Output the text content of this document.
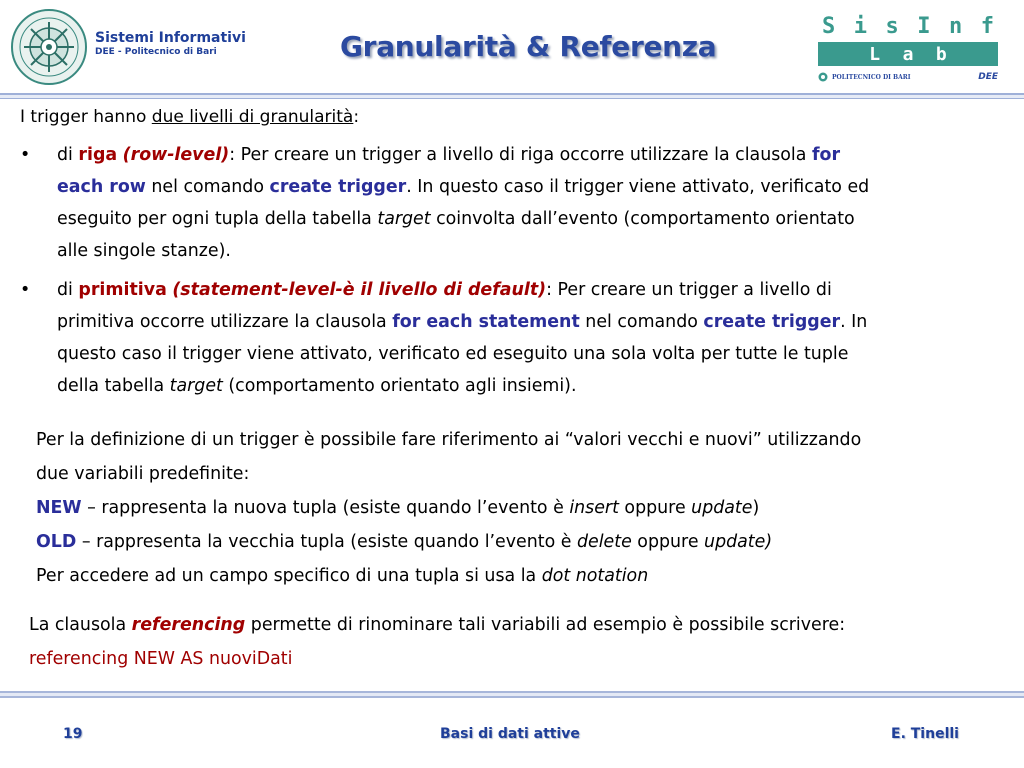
Sistemi Informativi
DEE - Politecnico di Bari	Granularità & Referenza
S i s I n f
L a b
POLITECNICO DI BARI	DEE
I trigger hanno due livelli di granularità:
• di riga (row-level): Per creare un trigger a livello di riga occorre utilizzare la clausola for
each row nel comando create trigger. In questo caso il trigger viene attivato, verificato ed
eseguito per ogni tupla della tabella target coinvolta dall’evento (comportamento orientato
alle singole stanze).
• di primitiva (statement-level-è il livello di default): Per creare un trigger a livello di
primitiva occorre utilizzare la clausola for each statement nel comando create trigger. In
questo caso il trigger viene attivato, verificato ed eseguito una sola volta per tutte le tuple
della tabella target (comportamento orientato agli insiemi).
Per la definizione di un trigger è possibile fare riferimento ai “valori vecchi e nuovi” utilizzando
due variabili predefinite:
NEW – rappresenta la nuova tupla (esiste quando l’evento è insert oppure update)
OLD – rappresenta la vecchia tupla (esiste quando l’evento è delete oppure update)
Per accedere ad un campo specifico di una tupla si usa la dot notation
La clausola referencing permette di rinominare tali variabili ad esempio è possibile scrivere:
referencing NEW AS nuoviDati
19	Basi di dati attive	E. Tinelli
